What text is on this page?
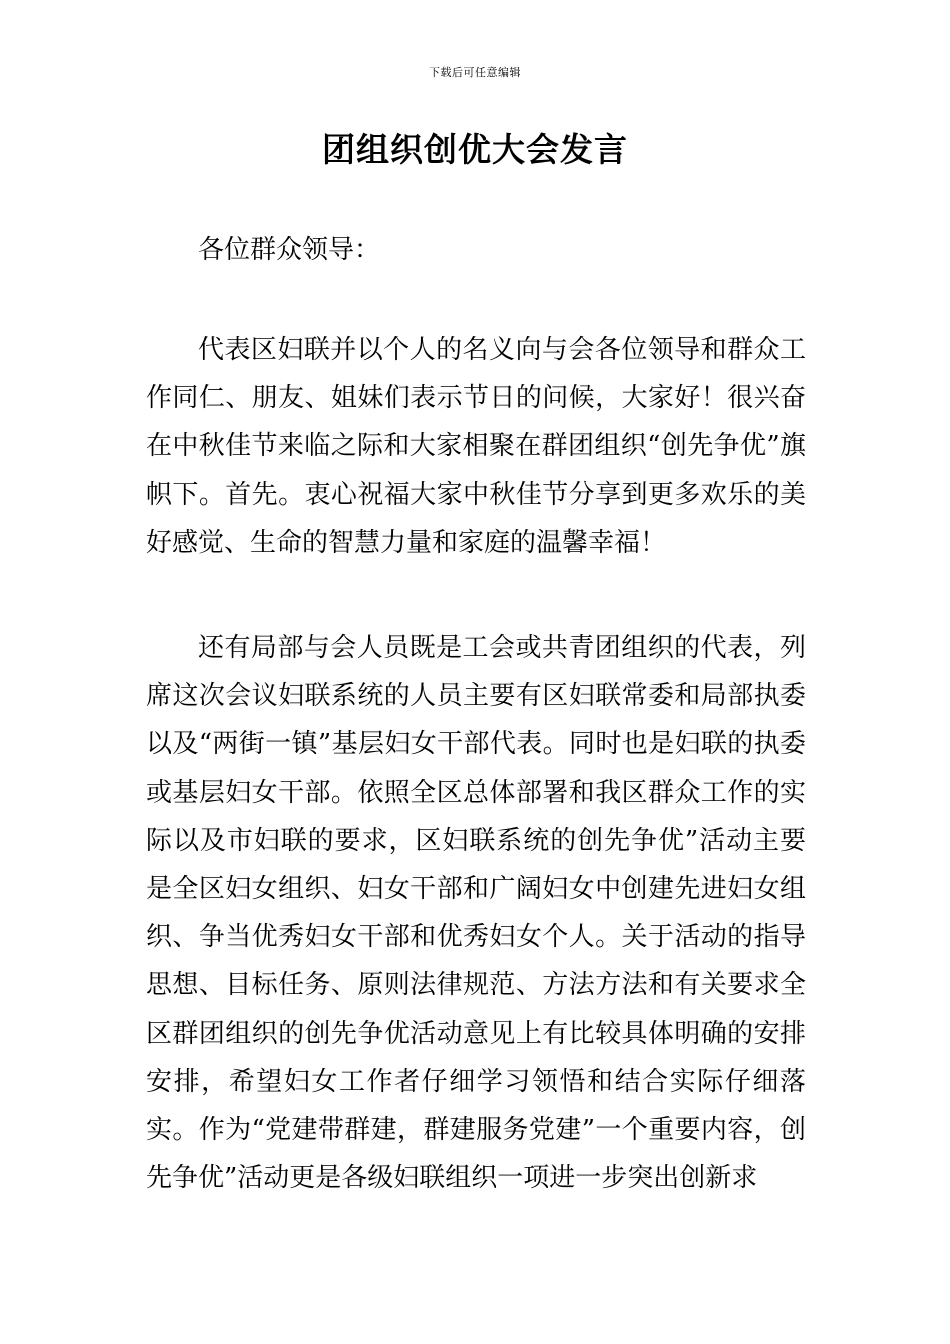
下载后可任意编辑
团组织创优大会发言
各位群众领导：
代表区妇联并以个人的名义向与会各位领导和群众工作同仁、朋友、姐妹们表示节日的问候，大家好！很兴奋在中秋佳节来临之际和大家相聚在群团组织“创先争优”旗帜下。首先。衷心祝福大家中秋佳节分享到更多欢乐的美好感觉、生命的智慧力量和家庭的温馨幸福！
还有局部与会人员既是工会或共青团组织的代表，列席这次会议妇联系统的人员主要有区妇联常委和局部执委以及“两街一镇”基层妇女干部代表。同时也是妇联的执委或基层妇女干部。依照全区总体部署和我区群众工作的实际以及市妇联的要求，区妇联系统的创先争优”活动主要是全区妇女组织、妇女干部和广阔妇女中创建先进妇女组织、争当优秀妇女干部和优秀妇女个人。关于活动的指导思想、目标任务、原则法律规范、方法方法和有关要求全区群团组织的创先争优活动意见上有比较具体明确的安排安排，希望妇女工作者仔细学习领悟和结合实际仔细落实。作为“党建带群建，群建服务党建”一个重要内容，创先争优”活动更是各级妇联组织一项进一步突出创新求
